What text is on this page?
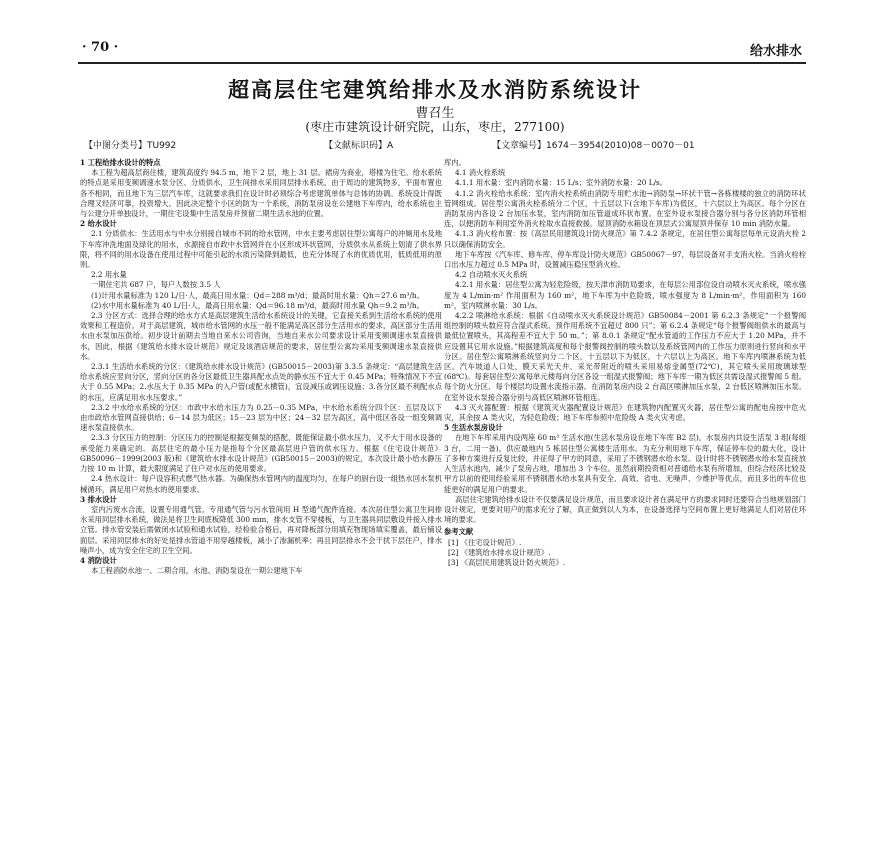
· 70 ·	给水排水
超高层住宅建筑给排水及水消防系统设计
曹召生
(枣庄市建筑设计研究院，山东，枣庄，277100)
【中图分类号】TU992	【文献标识码】A	【文章编号】1674－3954(2010)08－0070－01

1 工程给排水设计的特点

本工程为超高层商住楼，建筑高度约 94.5 m，地下 2 层，地上 31 层。裙房为商业，塔楼为住宅。给水系统的特点是采用变频调速水泵分区、分质供水，卫生间排水采用同层排水系统，由于周边的建筑物多，平面布置也各不相同，而且地下为三层汽车库，这就要求我们在设计时必须综合考虑建筑单体与总体的协调。系统设计得既合理又经济可靠，投资增大。因此决定整个小区的防为一个系统，消防泵房设在公建地下车库内，给水系统也主与公建分开单独设计，一期住宅设集中生活泵房并预留二期生活水池的位置。

2 给水设计

2.1 分质供水：生活用水与中水分别接自城市不同的给水管网，中水主要考虑居住型公寓每户的冲厕用水及地下车库冲洗地面及绿化的用水，水源接自市政中水管网并在小区形成环状管网，分质供水从系统上划清了供水界限，将不同的用水设备在使用过程中可能引起的水质污染降到最低，也充分体现了水的优质优用，低质低用的原则。

2.2 用水量

一期住宅共 687 户，每户人数按 3.5 人

(1)计用水量标准为 120 L/日·人，最高日用水量：Qd＝288 m³/d；最高时用水量：Qh＝27.6 m³/h。

(2)水中用水量标准为 40 L/日·人，最高日用水量：Qd＝96.18 m³/d，最高时用水量 Qh＝9.2 m³/h。

2.3 分区方式：选择合理的给水方式是高层建筑生活给水系统设计的关键，它直接关系到生活给水系统的使用效果和工程造价。对于高层建筑，城市给水管网的水压一般不能满足高区部分生活用水的要求，高区部分生活用水由水泵加压供给。初步设计前期去当地自来水公司咨询，当地自来水公司要求设计采用变频调速水泵直接供水，因此，根据《建筑给水排水设计规范》规定及该酒店规范的要求，居住型公寓均采用变频调速水泵直接供水。

2.3.1 生活给水系统的分区：《建筑给水排水设计规范》(GB50015－2003)第 3.3.5 条规定：“高层建筑生活给水系统应竖向分区，竖向分区的各分区最低卫生器具配水点处的静水压不宜大于 0.45 MPa；特殊情况下不宜大于 0.55 MPa；2.水压大于 0.35 MPa 的入户管(或配水横管)，宜设减压或调压设施；3.各分区最不利配水点的水压，应满足用水水压要求。”

2.3.2 中水给水系统的分区：市政中水给水压力为 0.25－0.35 MPa，中水给水系统分四个区：五层及以下由市政给水管网直接供给；6－14 层为低区；15－23 层为中区；24－32 层为高区，高中低区各设一组变频调速水泵直接供水。

2.3.3 分区压力的控制：分区压力的控制是根据变频泵的搭配，既能保证最小供水压力，又不大于用水设备的承受能力来确定的。高层住宅的最小压力是指每个分区最高层进户管的供水压力。根据《住宅设计规范》GB50096－1999(2003 版)和《建筑给水排水设计规范》(GB50015－2003)的规定，本次设计最小给水静压力按 10 m 计算，最大限度满足了住户对水压的使用要求。

2.4 热水设计：每户设容积式燃气热水器。为确保热水管网内的温度均匀，在每户的厨台设一组热水回水泵机械循环，满足用户对热水的使用要求。

3 排水设计

室内污废水合流，设置专用通气管。专用通气管与污水管间用 H 型通气配件连接。本次居住型公寓卫生间排水采用同层排水系统，做法是将卫生间底板降低 300 mm，排水支管不穿楼板，与卫生器具同层敷设并接入排水立管。排水管安装后需做闭水试验和通水试验，经检验合格后，再对降板部分用填充物现场填实覆盖，最后铺设面层。采用同层排水的好处是排水管道不用穿越楼板，减小了渗漏机率；再且同层排水不会干扰下层住户，排水噪声小，成为安全住宅的卫生空间。

4 消防设计

本工程消防水池一、二期合用，水池、消防泵设在一期公建地下车

库内。

4.1 消火栓系统

4.1.1 用水量：室内消防水量：15 L/s；室外消防水量：20 L/s。

4.1.2 消火栓给水系统：室内消火栓系统由消防专用贮水池→消防泵→环状干管→各栋楼楼的独立的消防环状管网组成。居住型公寓消火栓系统分二个区，十五层以下(含地下车库)为低区，十六层以上为高区。每个分区在消防泵房内各设 2 台加压水泵，室内消防加压管道成环状布置。在室外设水泵接合器分别与各分区消防环管相连，以便消防车利用室外消火栓取水直接救援。屋顶消防水箱设在顶层式公寓屋顶并保存 10 min 消防水量。

4.1.3 消火栓布置：按《高层民用建筑设计防火规范》第 7.4.2 条规定，在居住型公寓每层每单元设消火栓 2 只以确保消防安全。

地下车库按《汽车库、修车库、停车库设计防火规范》GB50067－97，每层设备对手支消火栓。当消火栓栓口出水压力超过 0.5 MPa 时，设置减压稳压型消火栓。

4.2 自动喷水灭火系统

4.2.1 用水量：居住型公寓为轻危险级，按天津市消防局要求，在每层公用部位设自动喷水灭火系统，喷水强度为 4 L/min·m² 作用面积为 160 m²，地下车库为中危险级，喷水强度为 8 L/min·m²，作用面积为 160 m²，室内喷淋水量：30 L/s。

4.2.2 喷淋给水系统：根据《自动喷水灭火系统设计规范》GB50084－2001 第 6.2.3 条规定“一个报警阀组控制的喷头数应符合湿式系统、预作用系统不宜超过 800 只”；第 6.2.4 条规定“每个报警阀组供水的最高与最低位置喷头，其高程差不宜大于 50 m。”；第 8.0.1 条规定“配水管道的工作压力不应大于 1.20 MPa，并不应设置其它用水设施。”根据建筑高度和每个报警阀控制的喷头数以及系统管网内的工作压力原则进行竖向和水平分区。居住型公寓喷淋系统竖向分二个区，十五层以下为低区，十六层以上为高区。地下车库内喷淋系统为低区。汽车坡道人口处，膜天采光天井、采光带附近的喷头采用易熔金属型(72℃)，其它喷头采用玻璃球型(68℃)。每套居住型公寓每单元楼每向分区各设一组湿式报警阀；地下车库一期为低区共需设湿式报警阀 5 组。每个防火分区、每个楼层均设置水流指示器。在消防泵房内设 2 台高区喷淋加压水泵，2 台低区喷淋加压水泵。在室外设水泵接合器分别与高低区喷淋环管相连。

4.3 灭火器配置：根据《建筑灭火器配置设计规范》在建筑物内配置灭火器，居住型公寓的配电房按中危火灾，其余按 A 类火灾，为轻危险级；地下车库参照中危险级 A 类火灾考虑。

5 生活水泵房设计

在地下车库采用内设两座 60 m³ 生活水池(生活水泵房设在地下车库 B2 层)，水泵房内共设生活泵 3 组(每组 3 台，二用一备)，供应最地内 5 栋居住型公寓楼生活用水。为充分利用地下车库，保证停车位的最大化，设计了多种方案进行反复比较，并征得了甲方的同意，采用了不锈钢潜水给水泵。设计时将不锈钢潜水给水泵直接放入生活水池内，减少了泵房占地，增加出 3 个车位。虽然前期投资相对普通给水泵有所增加，但综合经济比较及甲方以前的使用经验采用不锈钢潜水给水泵具有安全、高效、省电、无噪声、少维护等优点，而且多出的车位也能更好的满足用户的要求。

高层住宅建筑给排水设计不仅要满足设计规范，而且要求设计者在满足甲方的要求同时还要符合当地规划部门设计规定，更要对用户的需求充分了解，真正做到以人为本，在设备选择与空间布置上更好地满足人们对居住环境的要求。

参考文献

[1] 《住宅设计规范》.

[2] 《建筑给水排水设计规范》.

[3] 《高层民用建筑设计防火规范》.
